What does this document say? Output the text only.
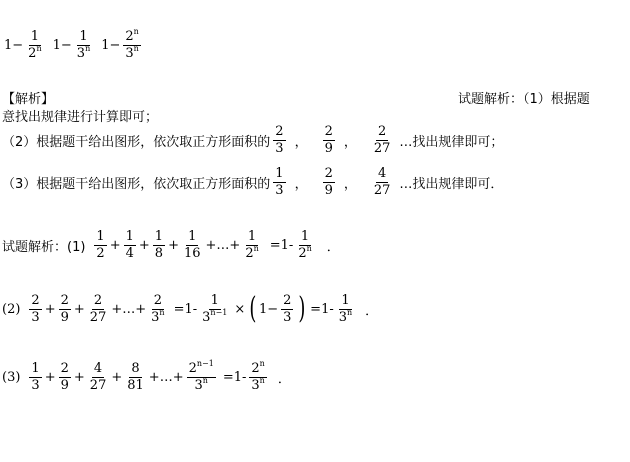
$1- \frac{1}{2^n} 1- \frac{1}{3^n} 1- \frac{2^n}{3^n}$
【解析】	试题解析：（1）根据题
意找出规律进行计算即可；
（2）根据题干给出图形，依次取正方形面积的 $\frac{2}{3}$ ， $\frac{2}{9}$ ， $\frac{2}{27}$ …找出规律即可；
（3）根据题干给出图形，依次取正方形面积的 $\frac{1}{3}$ ， $\frac{2}{9}$ ， $\frac{4}{27}$ …找出规律即可．
试题解析：$(1) \frac{1}{2} + \frac{1}{4} + \frac{1}{8} + \frac{1}{16}$ +…+ $\frac{1}{2^n} =1- \frac{1}{2^n}$ ．
$(2) \frac{2}{3} + \frac{2}{9} + \frac{2}{27}$ +…+ $\frac{2}{3^n} =1- \frac{1}{3^{n-1}}$ × ( $1- \frac{2}{3}$ ) $=1- \frac{1}{3^n}$ ．
$(3) \frac{1}{3} + \frac{2}{9} + \frac{4}{27} + \frac{8}{81}$ +…+ $\frac{2^{n-1}}{3^n} =1- \frac{2^n}{3^n}$ ．
